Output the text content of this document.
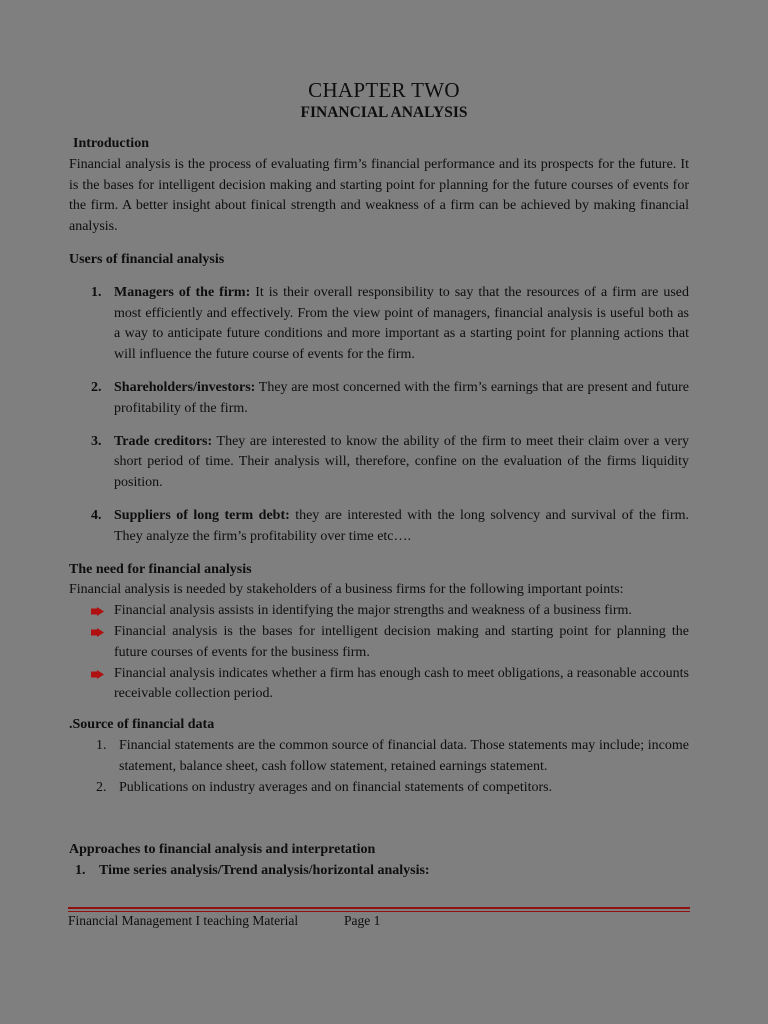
CHAPTER TWO
FINANCIAL ANALYSIS

Introduction

Financial analysis is the process of evaluating firm’s financial performance and its prospects for the future. It is the bases for intelligent decision making and starting point for planning for the future courses of events for the firm. A better insight about finical strength and weakness of a firm can be achieved by making financial analysis.

Users of financial analysis

1. Managers of the firm: It is their overall responsibility to say that the resources of a firm are used most efficiently and effectively. From the view point of managers, financial analysis is useful both as a way to anticipate future conditions and more important as a starting point for planning actions that will influence the future course of events for the firm.
2. Shareholders/investors: They are most concerned with the firm’s earnings that are present and future profitability of the firm.
3. Trade creditors: They are interested to know the ability of the firm to meet their claim over a very short period of time. Their analysis will, therefore, confine on the evaluation of the firms liquidity position.
4. Suppliers of long term debt: they are interested with the long solvency and survival of the firm. They analyze the firm’s profitability over time etc….

The need for financial analysis

Financial analysis is needed by stakeholders of a business firms for the following important points:

Financial analysis assists in identifying the major strengths and weakness of a business firm.
Financial analysis is the bases for intelligent decision making and starting point for planning the future courses of events for the business firm.
Financial analysis indicates whether a firm has enough cash to meet obligations, a reasonable accounts receivable collection period.

.Source of financial data

1. Financial statements are the common source of financial data. Those statements may include; income statement, balance sheet, cash follow statement, retained earnings statement.
2. Publications on industry averages and on financial statements of competitors.

Approaches to financial analysis and interpretation

1. Time series analysis/Trend analysis/horizontal analysis:

Financial Management I teaching Material	Page 1
